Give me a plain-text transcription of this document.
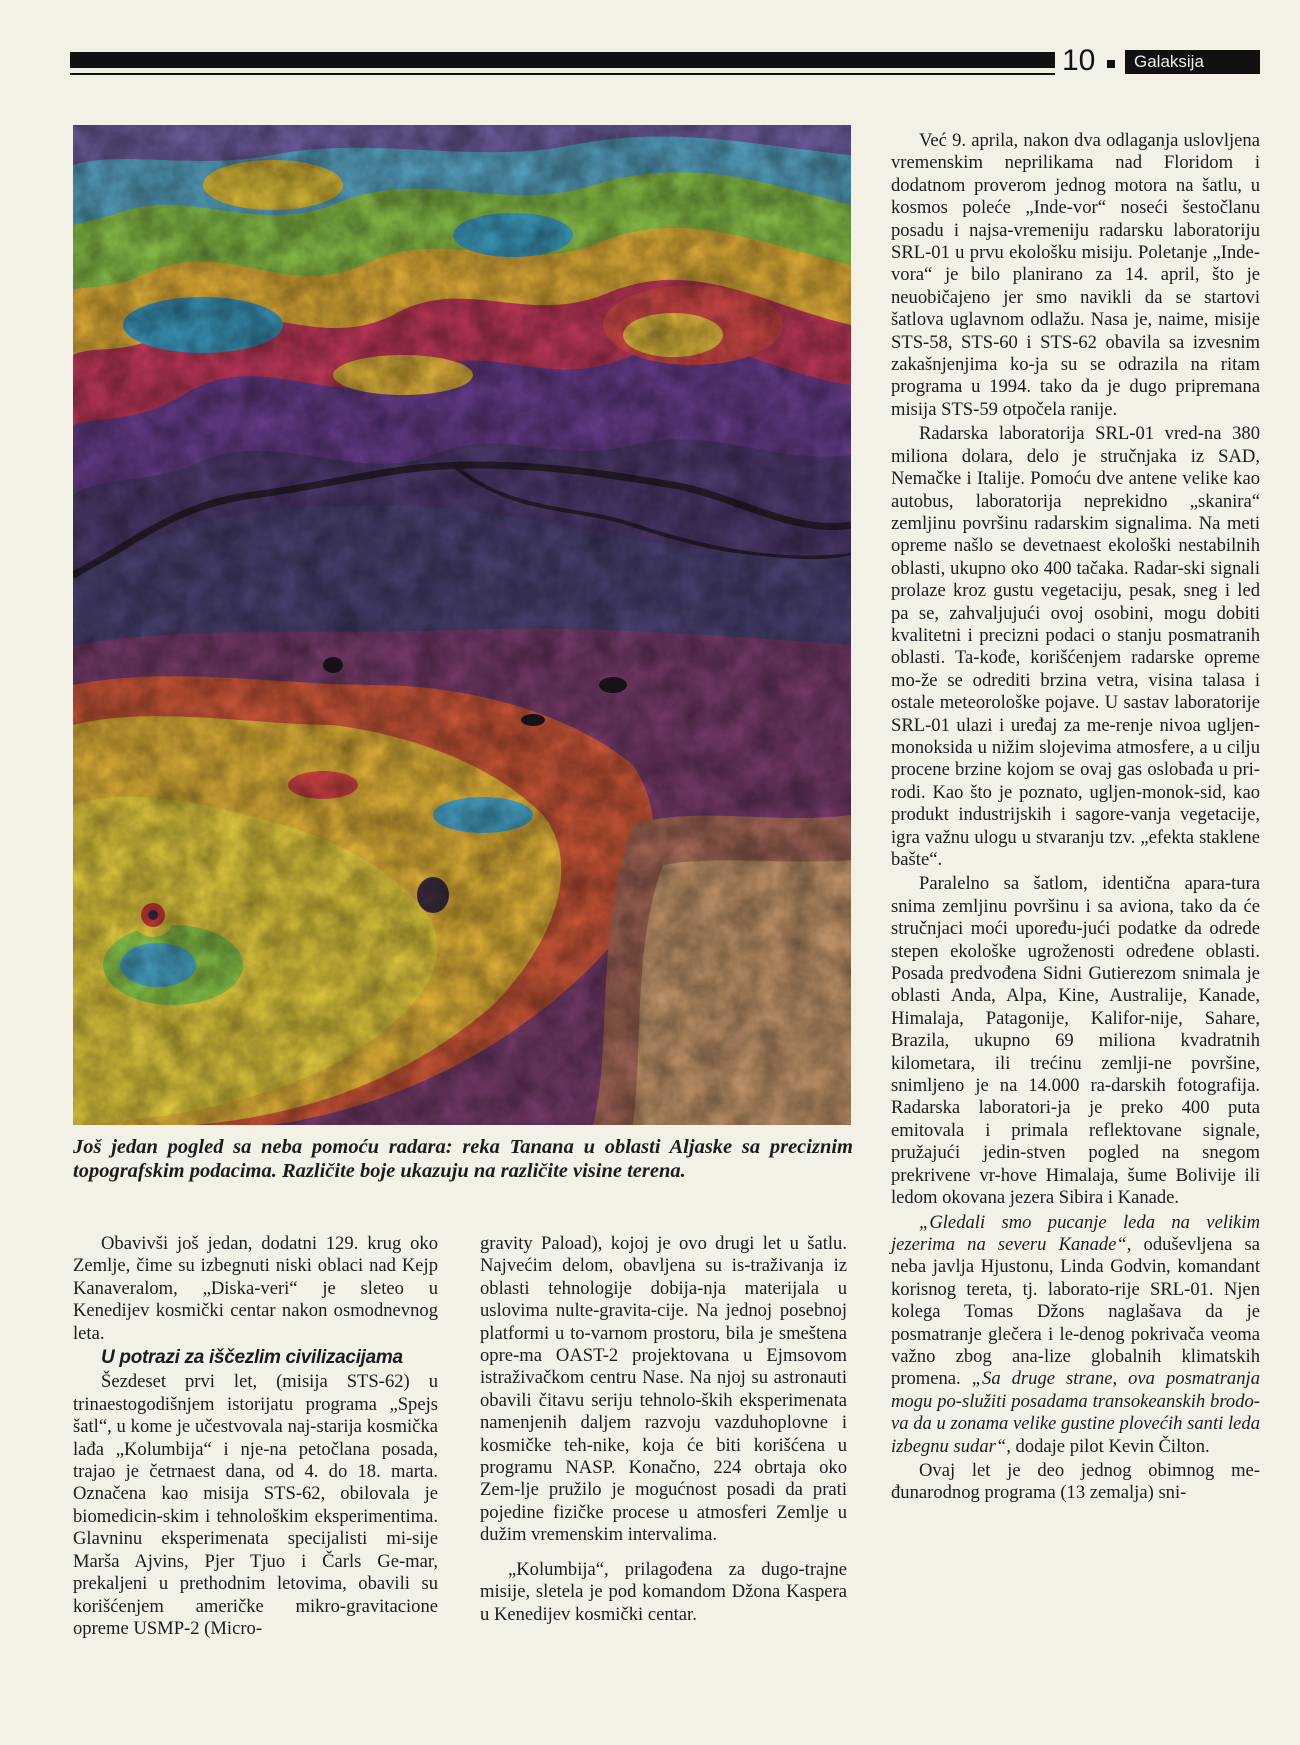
10	Galaksija
Još jedan pogled sa neba pomoću radara: reka Tanana u oblasti Aljaske sa preciznim topografskim podacima. Različite boje ukazuju na različite visine terena.

Obavivši još jedan, dodatni 129. krug oko Zemlje, čime su izbegnuti niski oblaci nad Kejp Kanaveralom, „Diska-veri“ je sleteo u Kenedijev kosmički centar nakon osmodnevnog leta.

U potrazi za iščezlim civilizacijama

Šezdeset prvi let, (misija STS-62) u trinaestogodišnjem istorijatu programa „Spejs šatl“, u kome je učestvovala naj-starija kosmička lađa „Kolumbija“ i nje-na petočlana posada, trajao je četrnaest dana, od 4. do 18. marta. Označena kao misija STS-62, obilovala je biomedicin-skim i tehnološkim eksperimentima. Glavninu eksperimenata specijalisti mi-sije Marša Ajvins, Pjer Tjuo i Čarls Ge-mar, prekaljeni u prethodnim letovima, obavili su korišćenjem američke mikro-gravitacione opreme USMP-2 (Micro-

gravity Paload), kojoj je ovo drugi let u šatlu. Najvećim delom, obavljena su is-traživanja iz oblasti tehnologije dobija-nja materijala u uslovima nulte-gravita-cije. Na jednoj posebnoj platformi u to-varnom prostoru, bila je smeštena opre-ma OAST-2 projektovana u Ejmsovom istraživačkom centru Nase. Na njoj su astronauti obavili čitavu seriju tehnolo-ških eksperimenata namenjenih daljem razvoju vazduhoplovne i kosmičke teh-nike, koja će biti korišćena u programu NASP. Konačno, 224 obrtaja oko Zem-lje pružilo je mogućnost posadi da prati pojedine fizičke procese u atmosferi Zemlje u dužim vremenskim intervalima.

„Kolumbija“, prilagođena za dugo-trajne misije, sletela je pod komandom Džona Kaspera u Kenedijev kosmički centar.

Već 9. aprila, nakon dva odlaganja uslovljena vremenskim neprilikama nad Floridom i dodatnom proverom jednog motora na šatlu, u kosmos poleće „Inde-vor“ noseći šestočlanu posadu i najsa-vremeniju radarsku laboratoriju SRL-01 u prvu ekološku misiju. Poletanje „Inde-vora“ je bilo planirano za 14. april, što je neuobičajeno jer smo navikli da se startovi šatlova uglavnom odlažu. Nasa je, naime, misije STS-58, STS-60 i STS-62 obavila sa izvesnim zakašnjenjima ko-ja su se odrazila na ritam programa u 1994. tako da je dugo pripremana misija STS-59 otpočela ranije.

Radarska laboratorija SRL-01 vred-na 380 miliona dolara, delo je stručnjaka iz SAD, Nemačke i Italije. Pomoću dve antene velike kao autobus, laboratorija neprekidno „skanira“ zemljinu površinu radarskim signalima. Na meti opreme našlo se devetnaest ekološki nestabilnih oblasti, ukupno oko 400 tačaka. Radar-ski signali prolaze kroz gustu vegetaciju, pesak, sneg i led pa se, zahvaljujući ovoj osobini, mogu dobiti kvalitetni i precizni podaci o stanju posmatranih oblasti. Ta-kođe, korišćenjem radarske opreme mo-že se odrediti brzina vetra, visina talasa i ostale meteorološke pojave. U sastav laboratorije SRL-01 ulazi i uređaj za me-renje nivoa ugljen-monoksida u nižim slojevima atmosfere, a u cilju procene brzine kojom se ovaj gas oslobađa u pri-rodi. Kao što je poznato, ugljen-monok-sid, kao produkt industrijskih i sagore-vanja vegetacije, igra važnu ulogu u stvaranju tzv. „efekta staklene bašte“.

Paralelno sa šatlom, identična apara-tura snima zemljinu površinu i sa aviona, tako da će stručnjaci moći upoređu-jući podatke da odrede stepen ekološke ugroženosti određene oblasti. Posada predvođena Sidni Gutierezom snimala je oblasti Anda, Alpa, Kine, Australije, Kanade, Himalaja, Patagonije, Kalifor-nije, Sahare, Brazila, ukupno 69 miliona kvadratnih kilometara, ili trećinu zemlji-ne površine, snimljeno je na 14.000 ra-darskih fotografija. Radarska laboratori-ja je preko 400 puta emitovala i primala reflektovane signale, pružajući jedin-stven pogled na snegom prekrivene vr-hove Himalaja, šume Bolivije ili ledom okovana jezera Sibira i Kanade.

„Gledali smo pucanje leda na velikim jezerima na severu Kanade“, oduševljena sa neba javlja Hjustonu, Linda Godvin, komandant korisnog tereta, tj. laborato-rije SRL-01. Njen kolega Tomas Džons naglašava da je posmatranje glečera i le-denog pokrivača veoma važno zbog ana-lize globalnih klimatskih promena. „Sa druge strane, ova posmatranja mogu po-služiti posadama transokeanskih brodo-va da u zonama velike gustine plovećih santi leda izbegnu sudar“, dodaje pilot Kevin Čilton.

Ovaj let je deo jednog obimnog me-đunarodnog programa (13 zemalja) sni-
